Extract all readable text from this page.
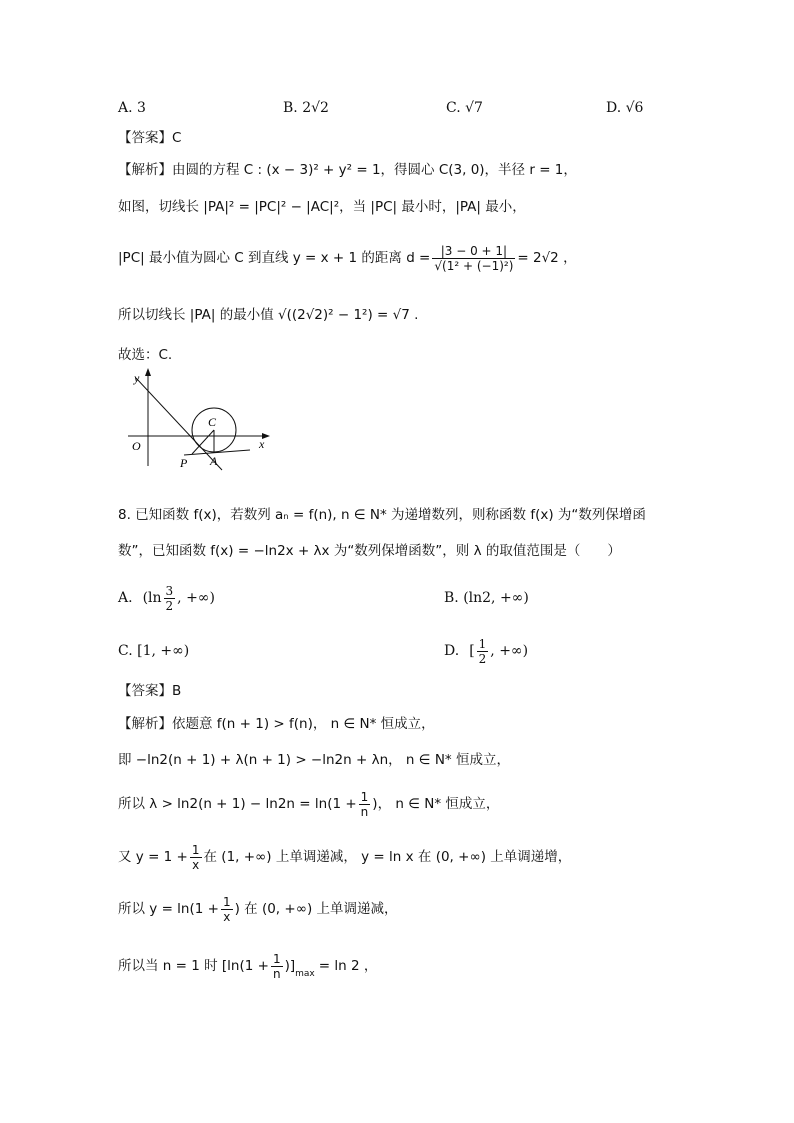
A. 3	B. 2√2	C. √7	D. √6
【答案】C
【解析】由圆的方程 C : (x − 3)² + y² = 1，得圆心 C(3, 0)，半径 r = 1，
如图，切线长 |PA|² = |PC|² − |AC|²，当 |PC| 最小时，|PA| 最小，
|PC| 最小值为圆心 C 到直线 y = x + 1 的距离 $d = \frac{|3 - 0 + 1|}{\text{√(1² + (−1)²)}} = 2√2$ ，
所以切线长 |PA| 的最小值 √((2√2)² − 1²) = √7 .
故选：C.
y
x
O
C
P A
8. 已知函数 f(x)，若数列 aₙ = f(n), n ∈ N* 为递增数列，则称函数 f(x) 为“数列保增函
数”，已知函数 f(x) = −ln2x + λx 为“数列保增函数”，则 λ 的取值范围是（　　）
A. ($\ln \frac{3}{2}$ , +∞)	B. (ln2, +∞)
C. [1, +∞)	D. [ $\frac{1}{2}$ , +∞)
【答案】B
【解析】依题意 f(n + 1) > f(n)， n ∈ N* 恒成立，
即 −ln2(n + 1) + λ(n + 1) > −ln2n + λn， n ∈ N* 恒成立，
所以 $\lambda > \ln 2(n + 1) - \ln 2n = \ln(1 + \frac{1}{n}$ )， n ∈ N* 恒成立，
又 $y = 1 + \frac{1}{x}$ 在 (1, +∞) 上单调递减， y = ln x 在 (0, +∞) 上单调递增，
所以 $y = \ln(1 + \frac{1}{x}$ ) 在 (0, +∞) 上单调递减，
所以当 n = 1 时 $[\ln(1 + \frac{1}{n} )]_{max} = \ln 2$ ，
